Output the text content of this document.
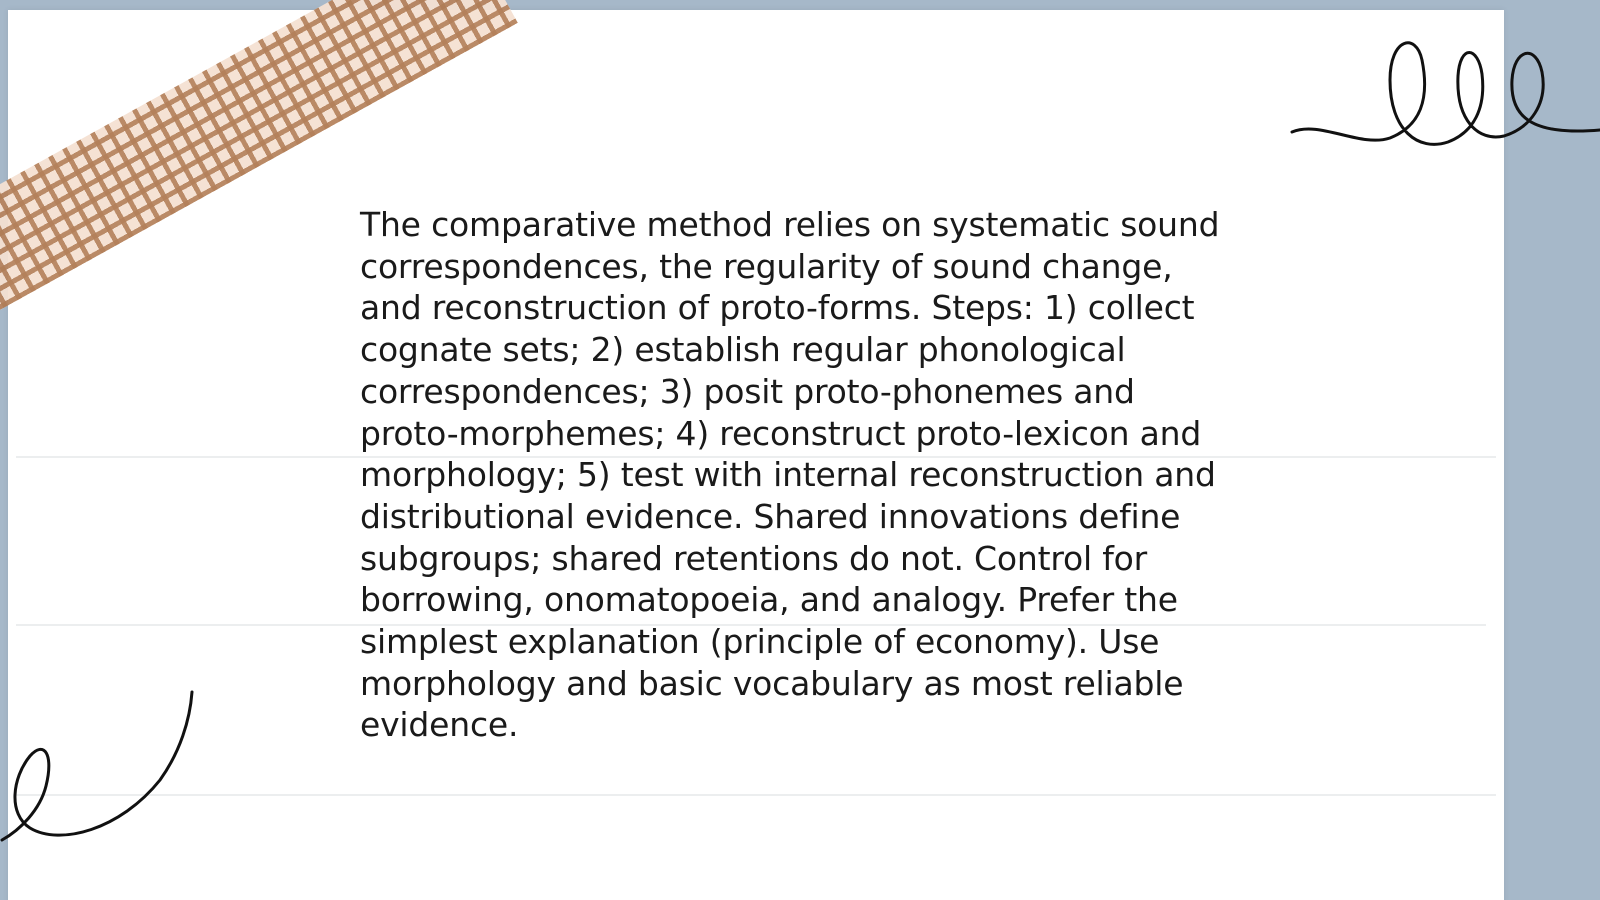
The comparative method relies on systematic sound correspondences, the regularity of sound change, and reconstruction of proto-forms. Steps: 1) collect cognate sets; 2) establish regular phonological correspondences; 3) posit proto-phonemes and proto-morphemes; 4) reconstruct proto-lexicon and morphology; 5) test with internal reconstruction and distributional evidence. Shared innovations define subgroups; shared retentions do not. Control for borrowing, onomatopoeia, and analogy. Prefer the simplest explanation (principle of economy). Use morphology and basic vocabulary as most reliable evidence.
